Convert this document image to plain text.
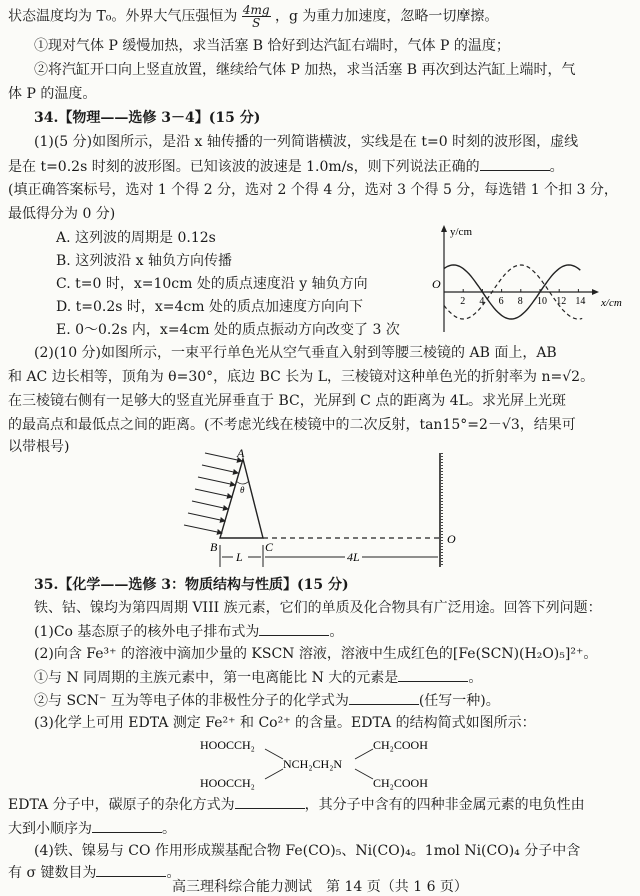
状态温度均为 T₀。外界大气压强恒为 $\frac{4mg}{S}$ ，g 为重力加速度，忽略一切摩擦。
①现对气体 P 缓慢加热，求当活塞 B 恰好到达汽缸右端时，气体 P 的温度；
②将汽缸开口向上竖直放置，继续给气体 P 加热，求当活塞 B 再次到达汽缸上端时，气
体 P 的温度。
34.【物理——选修 3－4】(15 分)
(1)(5 分)如图所示，是沿 x 轴传播的一列简谐横波，实线是在 t=0 时刻的波形图，虚线
是在 t=0.2s 时刻的波形图。已知该波的波速是 1.0m/s，则下列说法正确的	。
(填正确答案标号，选对 1 个得 2 分，选对 2 个得 4 分，选对 3 个得 5 分，每选错 1 个扣 3 分，
最低得分为 0 分)
A. 这列波的周期是 0.12s
B. 这列波沿 x 轴负方向传播
C. t=0 时，x=10cm 处的质点速度沿 y 轴负方向
D. t=0.2s 时，x=4cm 处的质点加速度方向向下
E. 0～0.2s 内，x=4cm 处的质点振动方向改变了 3 次
y/cm
x/cm
O
2 4 6 8 10 12 14
(2)(10 分)如图所示，一束平行单色光从空气垂直入射到等腰三棱镜的 AB 面上，AB
和 AC 边长相等，顶角为 θ=30°，底边 BC 长为 L，三棱镜对这种单色光的折射率为 n=√2。
在三棱镜右侧有一足够大的竖直光屏垂直于 BC，光屏到 C 点的距离为 4L。求光屏上光斑
的最高点和最低点之间的距离。(不考虑光线在棱镜中的二次反射，tan15°=2－√3，结果可
以带根号)	A
θ
B	C
O
L	4L
35.【化学——选修 3：物质结构与性质】(15 分)
铁、钴、镍均为第四周期 VIII 族元素，它们的单质及化合物具有广泛用途。回答下列问题：
(1)Co 基态原子的核外电子排布式为	。
(2)向含 Fe³⁺ 的溶液中滴加少量的 KSCN 溶液，溶液中生成红色的[Fe(SCN)(H₂O)₅]²⁺。
①与 N 同周期的主族元素中，第一电离能比 N 大的元素是	。
②与 SCN⁻ 互为等电子体的非极性分子的化学式为	(任写一种)。
(3)化学上可用 EDTA 测定 Fe²⁺ 和 Co²⁺ 的含量。EDTA 的结构简式如图所示：
HOOCCH₂
HOOCCH₂
NCH₂CH₂N
CH₂COOH
CH₂COOH
EDTA 分子中，碳原子的杂化方式为	，其分子中含有的四种非金属元素的电负性由
大到小顺序为	。
(4)铁、镍易与 CO 作用形成羰基配合物 Fe(CO)₅、Ni(CO)₄。1mol Ni(CO)₄ 分子中含
有 σ 键数目为	。
高三理科综合能力测试　第 14 页（共 1 6 页）
